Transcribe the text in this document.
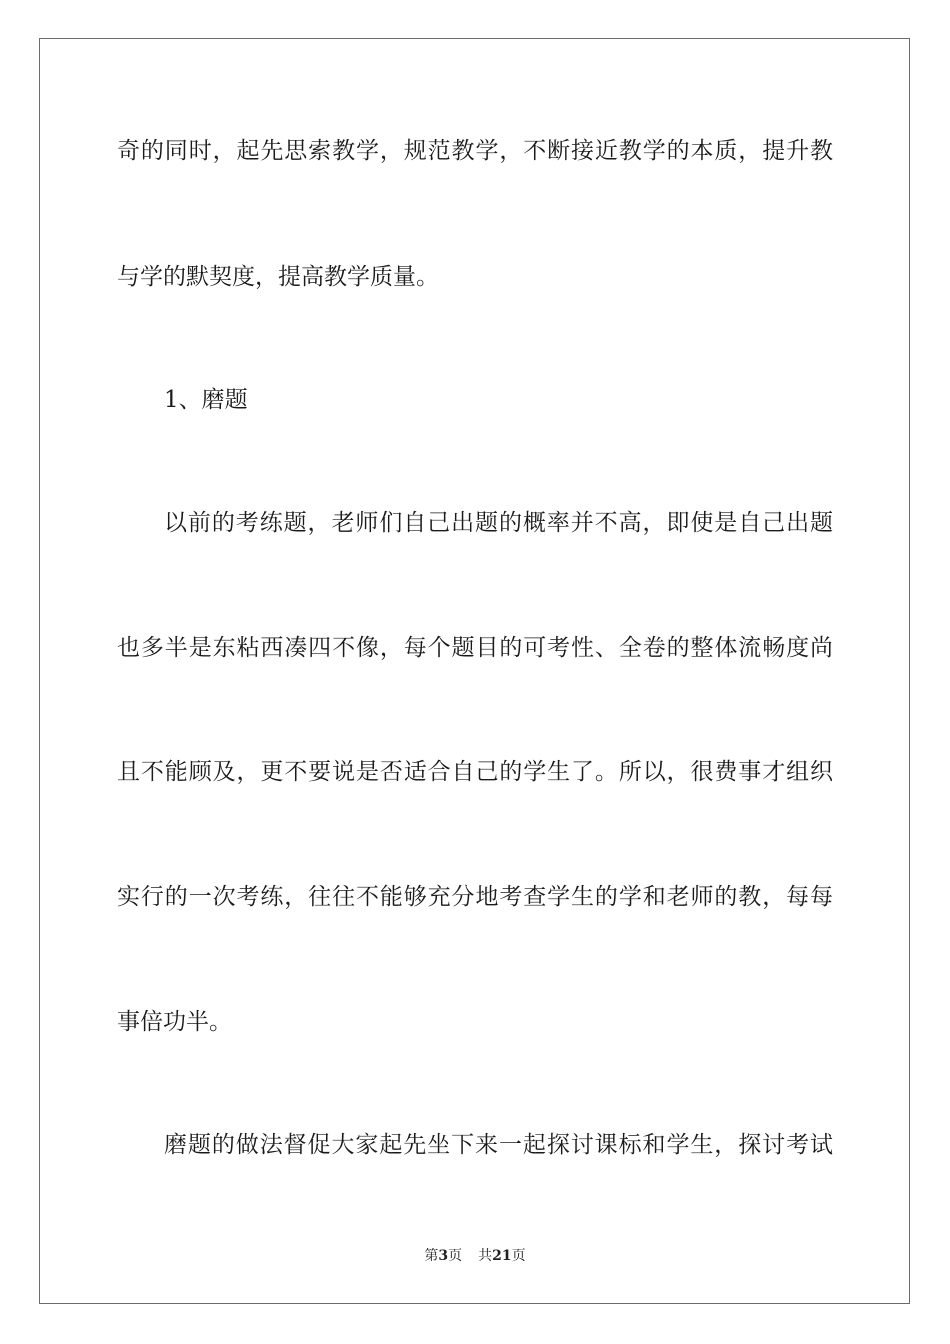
奇的同时，起先思索教学，规范教学，不断接近教学的本质，提升教
与学的默契度，提高教学质量。
1、磨题
以前的考练题，老师们自己出题的概率并不高，即使是自己出题
也多半是东粘西凑四不像，每个题目的可考性、全卷的整体流畅度尚
且不能顾及，更不要说是否适合自己的学生了。所以，很费事才组织
实行的一次考练，往往不能够充分地考查学生的学和老师的教，每每
事倍功半。
磨题的做法督促大家起先坐下来一起探讨课标和学生，探讨考试
第3页 共21页
